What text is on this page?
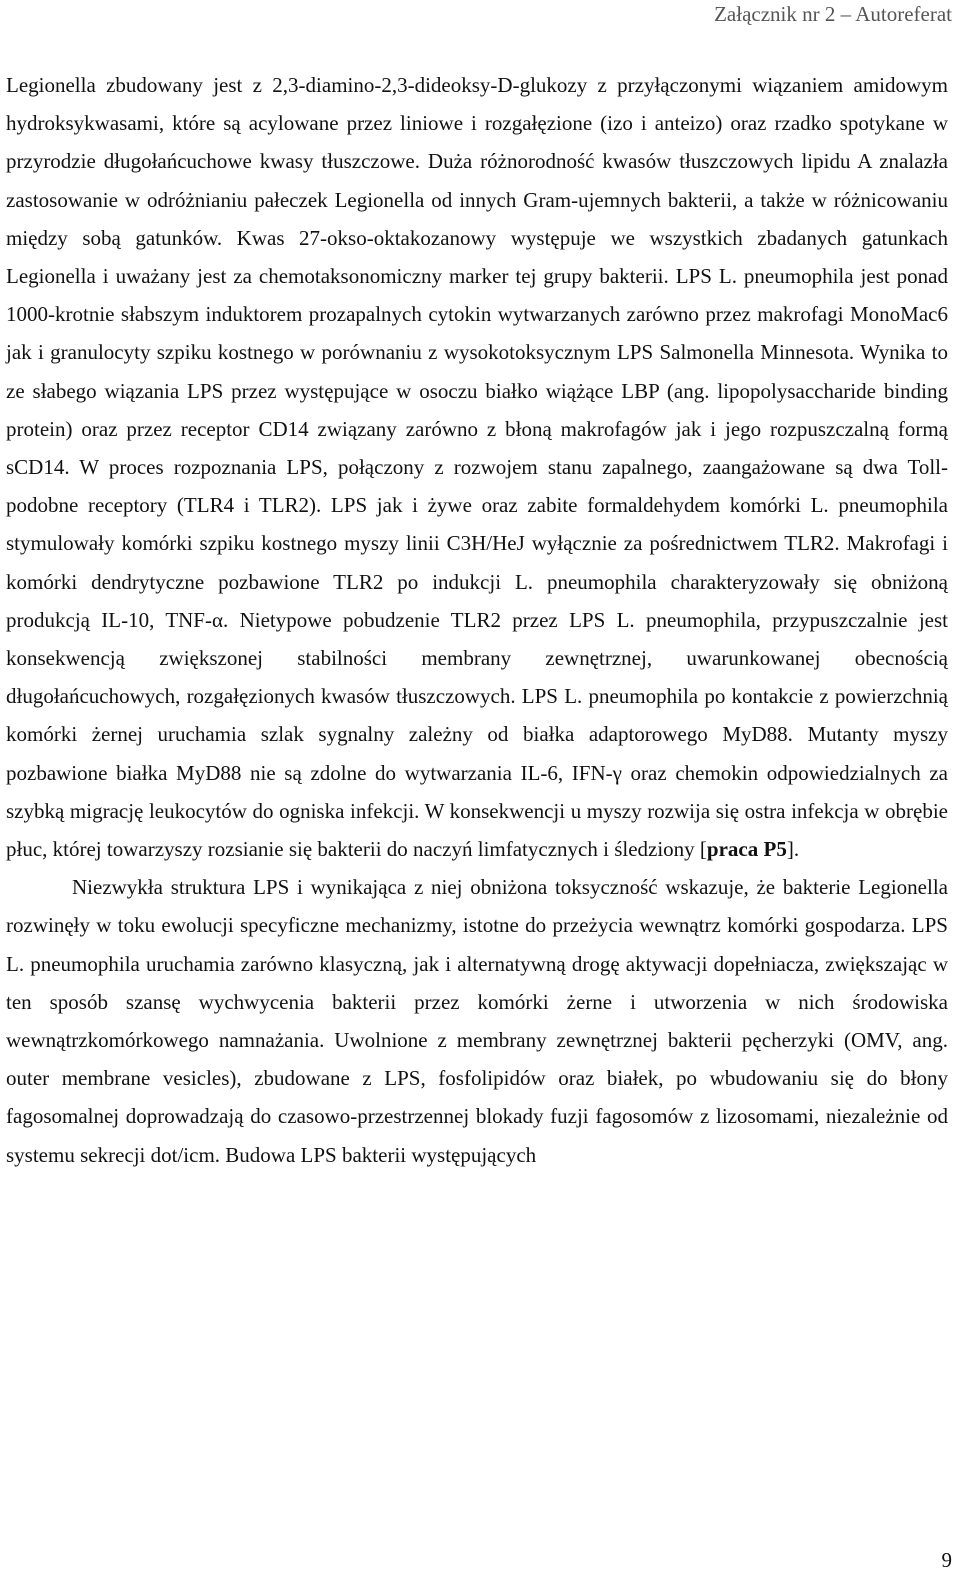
Załącznik nr 2 – Autoreferat

Legionella zbudowany jest z 2,3-diamino-2,3-dideoksy-D-glukozy z przyłączonymi wiązaniem amidowym hydroksykwasami, które są acylowane przez liniowe i rozgałęzione (izo i anteizo) oraz rzadko spotykane w przyrodzie długołańcuchowe kwasy tłuszczowe. Duża różnorodność kwasów tłuszczowych lipidu A znalazła zastosowanie w odróżnianiu pałeczek Legionella od innych Gram-ujemnych bakterii, a także w różnicowaniu między sobą gatunków. Kwas 27-okso-oktakozanowy występuje we wszystkich zbadanych gatunkach Legionella i uważany jest za chemotaksonomiczny marker tej grupy bakterii. LPS L. pneumophila jest ponad 1000-krotnie słabszym induktorem prozapalnych cytokin wytwarzanych zarówno przez makrofagi MonoMac6 jak i granulocyty szpiku kostnego w porównaniu z wysokotoksycznym LPS Salmonella Minnesota. Wynika to ze słabego wiązania LPS przez występujące w osoczu białko wiążące LBP (ang. lipopolysaccharide binding protein) oraz przez receptor CD14 związany zarówno z błoną makrofagów jak i jego rozpuszczalną formą sCD14. W proces rozpoznania LPS, połączony z rozwojem stanu zapalnego, zaangażowane są dwa Toll-podobne receptory (TLR4 i TLR2). LPS jak i żywe oraz zabite formaldehydem komórki L. pneumophila stymulowały komórki szpiku kostnego myszy linii C3H/HeJ wyłącznie za pośrednictwem TLR2. Makrofagi i komórki dendrytyczne pozbawione TLR2 po indukcji L. pneumophila charakteryzowały się obniżoną produkcją IL-10, TNF-α. Nietypowe pobudzenie TLR2 przez LPS L. pneumophila, przypuszczalnie jest konsekwencją zwiększonej stabilności membrany zewnętrznej, uwarunkowanej obecnością długołańcuchowych, rozgałęzionych kwasów tłuszczowych. LPS L. pneumophila po kontakcie z powierzchnią komórki żernej uruchamia szlak sygnalny zależny od białka adaptorowego MyD88. Mutanty myszy pozbawione białka MyD88 nie są zdolne do wytwarzania IL-6, IFN-γ oraz chemokin odpowiedzialnych za szybką migrację leukocytów do ogniska infekcji. W konsekwencji u myszy rozwija się ostra infekcja w obrębie płuc, której towarzyszy rozsianie się bakterii do naczyń limfatycznych i śledziony [praca P5].

Niezwykła struktura LPS i wynikająca z niej obniżona toksyczność wskazuje, że bakterie Legionella rozwinęły w toku ewolucji specyficzne mechanizmy, istotne do przeżycia wewnątrz komórki gospodarza. LPS L. pneumophila uruchamia zarówno klasyczną, jak i alternatywną drogę aktywacji dopełniacza, zwiększając w ten sposób szansę wychwycenia bakterii przez komórki żerne i utworzenia w nich środowiska wewnątrzkomórkowego namnażania. Uwolnione z membrany zewnętrznej bakterii pęcherzyki (OMV, ang. outer membrane vesicles), zbudowane z LPS, fosfolipidów oraz białek, po wbudowaniu się do błony fagosomalnej doprowadzają do czasowo-przestrzennej blokady fuzji fagosomów z lizosomami, niezależnie od systemu sekrecji dot/icm. Budowa LPS bakterii występujących

9
